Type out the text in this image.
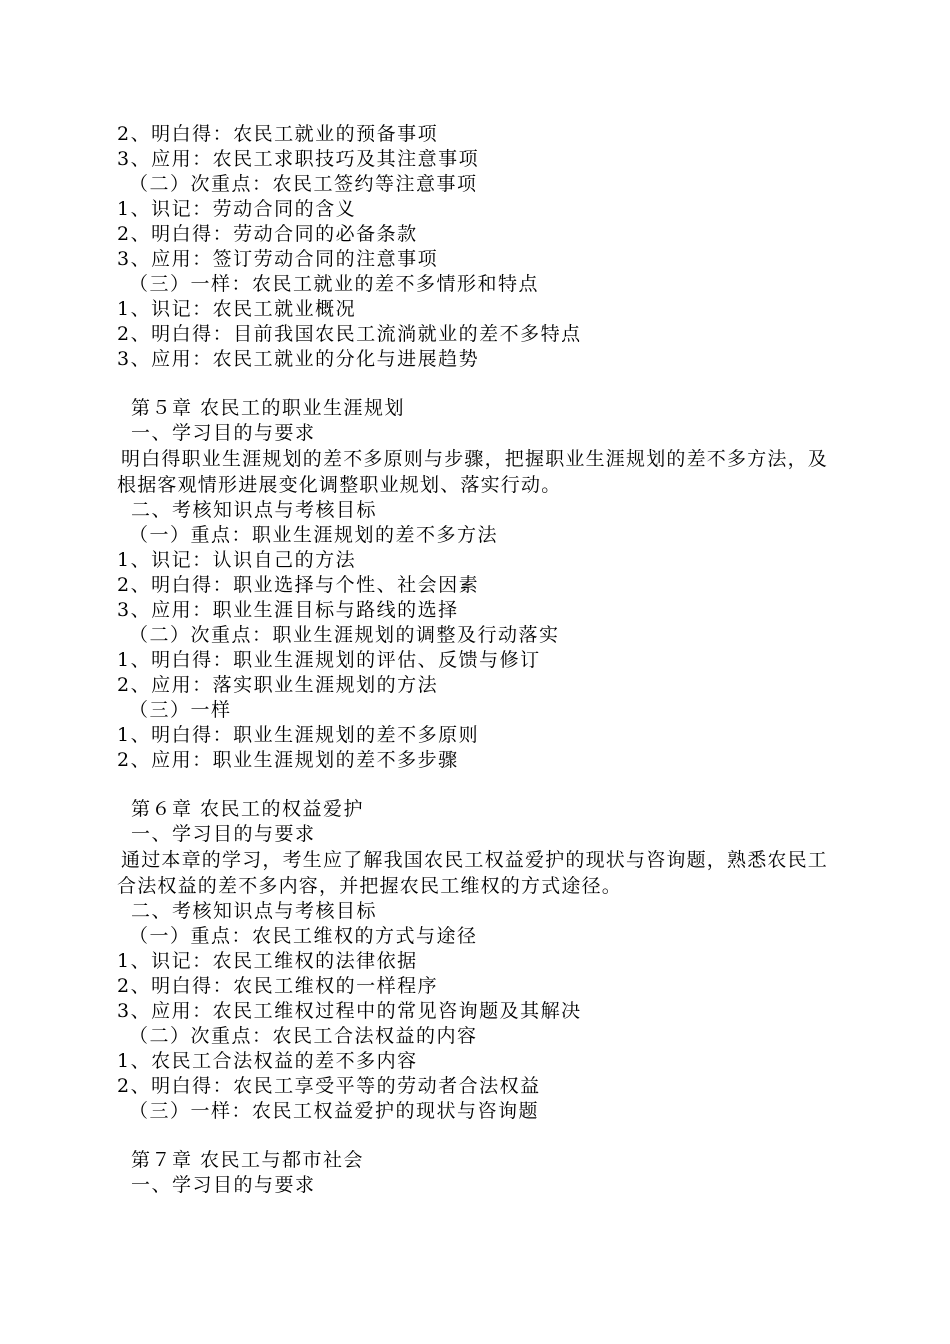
2、明白得：农民工就业的预备事项
3、应用：农民工求职技巧及其注意事项
（二）次重点：农民工签约等注意事项
1、识记：劳动合同的含义
2、明白得：劳动合同的必备条款
3、应用：签订劳动合同的注意事项
（三）一样：农民工就业的差不多情形和特点
1、识记：农民工就业概况
2、明白得：目前我国农民工流淌就业的差不多特点
3、应用：农民工就业的分化与进展趋势
第５章 农民工的职业生涯规划
一、学习目的与要求
明白得职业生涯规划的差不多原则与步骤，把握职业生涯规划的差不多方法，及根据客观情形进展变化调整职业规划、落实行动。
二、考核知识点与考核目标
（一）重点：职业生涯规划的差不多方法
1、识记：认识自己的方法
2、明白得：职业选择与个性、社会因素
3、应用：职业生涯目标与路线的选择
（二）次重点：职业生涯规划的调整及行动落实
1、明白得：职业生涯规划的评估、反馈与修订
2、应用：落实职业生涯规划的方法
（三）一样
1、明白得：职业生涯规划的差不多原则
2、应用：职业生涯规划的差不多步骤
第６章 农民工的权益爱护
一、学习目的与要求
通过本章的学习，考生应了解我国农民工权益爱护的现状与咨询题，熟悉农民工合法权益的差不多内容，并把握农民工维权的方式途径。
二、考核知识点与考核目标
（一）重点：农民工维权的方式与途径
1、识记：农民工维权的法律依据
2、明白得：农民工维权的一样程序
3、应用：农民工维权过程中的常见咨询题及其解决
（二）次重点：农民工合法权益的内容
1、农民工合法权益的差不多内容
2、明白得：农民工享受平等的劳动者合法权益
（三）一样：农民工权益爱护的现状与咨询题
第７章 农民工与都市社会
一、学习目的与要求
